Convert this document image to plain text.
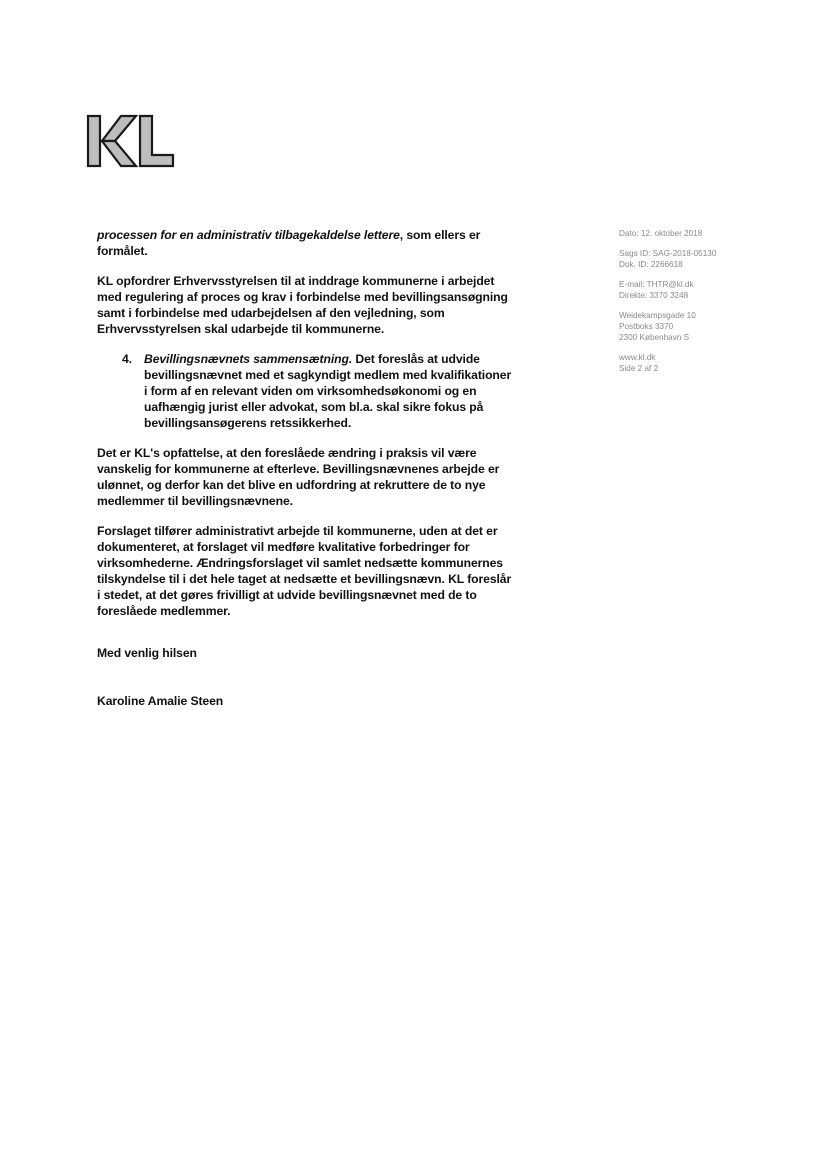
processen for en administrativ tilbagekaldelse lettere, som ellers er formålet.

KL opfordrer Erhvervsstyrelsen til at inddrage kommunerne i arbejdet med regulering af proces og krav i forbindelse med bevillingsansøgning samt i forbindelse med udarbejdelsen af den vejledning, som Erhvervsstyrelsen skal udarbejde til kommunerne.

4. Bevillingsnævnets sammensætning. Det foreslås at udvide bevillingsnævnet med et sagkyndigt medlem med kvalifikationer i form af en relevant viden om virksomhedsøkonomi og en uafhængig jurist eller advokat, som bl.a. skal sikre fokus på bevillingsansøgerens retssikkerhed.

Det er KL's opfattelse, at den foreslåede ændring i praksis vil være vanskelig for kommunerne at efterleve. Bevillingsnævnenes arbejde er ulønnet, og derfor kan det blive en udfordring at rekruttere de to nye medlemmer til bevillingsnævnene.

Forslaget tilfører administrativt arbejde til kommunerne, uden at det er dokumenteret, at forslaget vil medføre kvalitative forbedringer for virksomhederne. Ændringsforslaget vil samlet nedsætte kommunernes tilskyndelse til i det hele taget at nedsætte et bevillingsnævn. KL foreslår i stedet, at det gøres frivilligt at udvide bevillingsnævnet med de to foreslåede medlemmer.

Med venlig hilsen

Karoline Amalie Steen

Dato: 12. oktober 2018
Sags ID: SAG-2018-05130
Dok. ID: 2266618
E-mail: THTR@kl.dk
Direkte: 3370 3248
Weidekampsgade 10
Postboks 3370
2300 København S
www.kl.dk
Side 2 af 2
